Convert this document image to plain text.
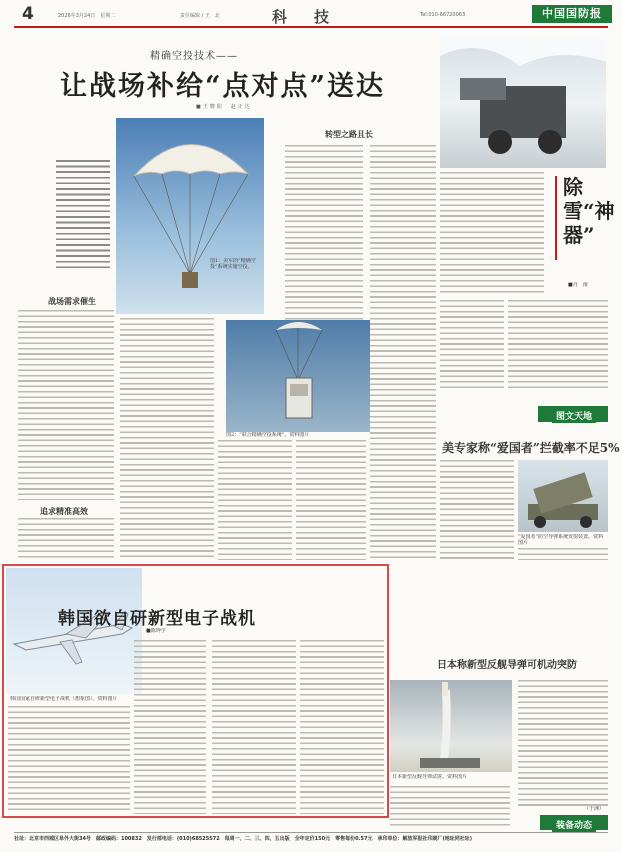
4	2026年3月24日　星期二	责任编辑 / 王　北	科　技	Tel:010-66720063	中国国防报
精确空投技术——
让战场补给“点对点”送达
■王晓阳　赵正达
图1：美军的“精确空投”系统实施空投。
转型之路且长
战场需求催生
追求精准高效
图2：“联合精确空投系统”。资料图片
除雪“神器”
■丹　南
图文天地
美专家称“爱国者”拦截率不足5%
“爱国者”防空导弹系统发射装置。资料图片
韩国欲自研新型电子战机
■陈钟宇
韩国国家自研新型电子战机（想象图）。资料图片
日本称新型反舰导弹可机动突防
日本新型反舰导弹试射。资料图片
（于洲）
装备动态
社址：北京市西城区阜外大街34号　邮政编码：100832　发行部电话：(010)68525572　每周一、二、三、四、五出版　全年定价150元　零售每份0.57元　承印单位：解放军报社印刷厂(地址同社址)
